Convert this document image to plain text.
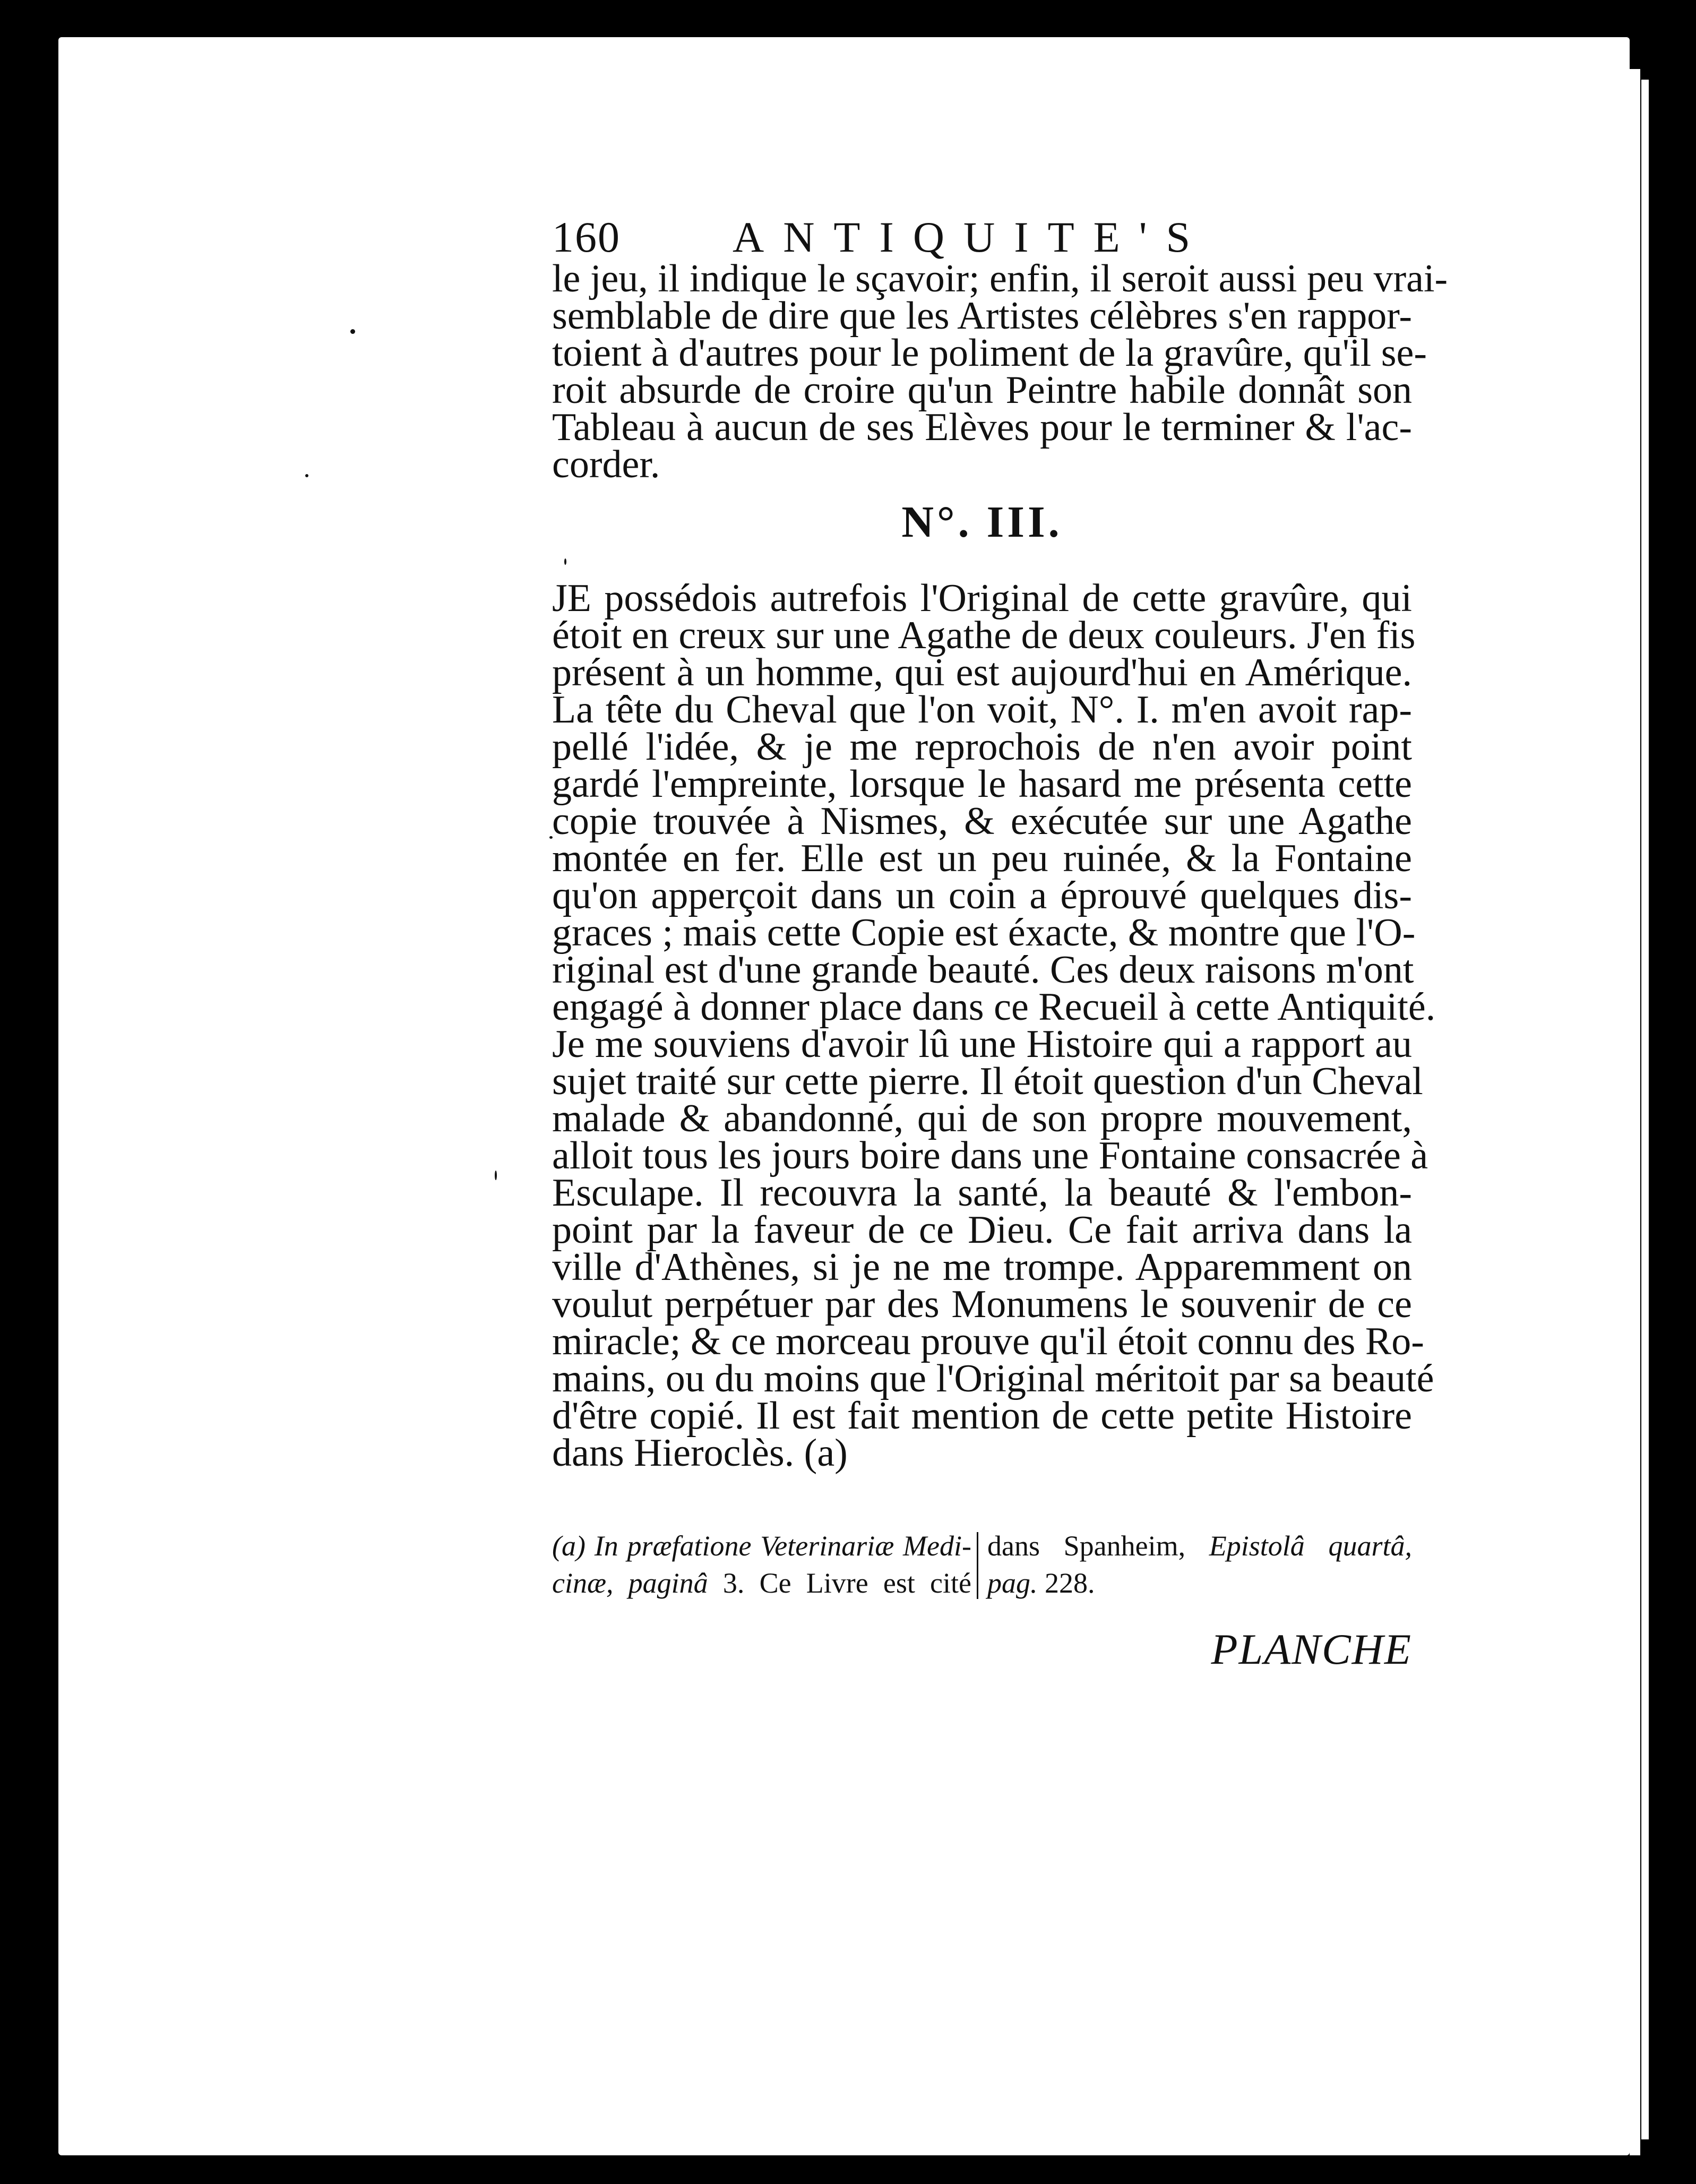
160	ANTIQUITE'S
le jeu, il indique le sçavoir; enfin, il seroit aussi peu vrai-
semblable de dire que les Artistes célèbres s'en rappor-
toient à d'autres pour le poliment de la gravûre, qu'il se-
roit absurde de croire qu'un Peintre habile donnât son
Tableau à aucun de ses Elèves pour le terminer & l'ac-
corder.
N°. III.
JE possédois autrefois l'Original de cette gravûre, qui
étoit en creux sur une Agathe de deux couleurs. J'en fis
présent à un homme, qui est aujourd'hui en Amérique.
La tête du Cheval que l'on voit, N°. I. m'en avoit rap-
pellé l'idée, & je me reprochois de n'en avoir point
gardé l'empreinte, lorsque le hasard me présenta cette
copie trouvée à Nismes, & exécutée sur une Agathe
montée en fer. Elle est un peu ruinée, & la Fontaine
qu'on apperçoit dans un coin a éprouvé quelques dis-
graces ; mais cette Copie est éxacte, & montre que l'O-
riginal est d'une grande beauté. Ces deux raisons m'ont
engagé à donner place dans ce Recueil à cette Antiquité.
Je me souviens d'avoir lû une Histoire qui a rapport au
sujet traité sur cette pierre. Il étoit question d'un Cheval
malade & abandonné, qui de son propre mouvement,
alloit tous les jours boire dans une Fontaine consacrée à
Esculape. Il recouvra la santé, la beauté & l'embon-
point par la faveur de ce Dieu. Ce fait arriva dans la
ville d'Athènes, si je ne me trompe. Apparemment on
voulut perpétuer par des Monumens le souvenir de ce
miracle; & ce morceau prouve qu'il étoit connu des Ro-
mains, ou du moins que l'Original méritoit par sa beauté
d'être copié. Il est fait mention de cette petite Histoire
dans Hieroclès. (a)
(a) In præfatione Veterinariæ Medi-
cinæ, paginâ 3. Ce Livre est cité
dans Spanheim, Epistolâ quartâ,
pag. 228.
PLANCHE
